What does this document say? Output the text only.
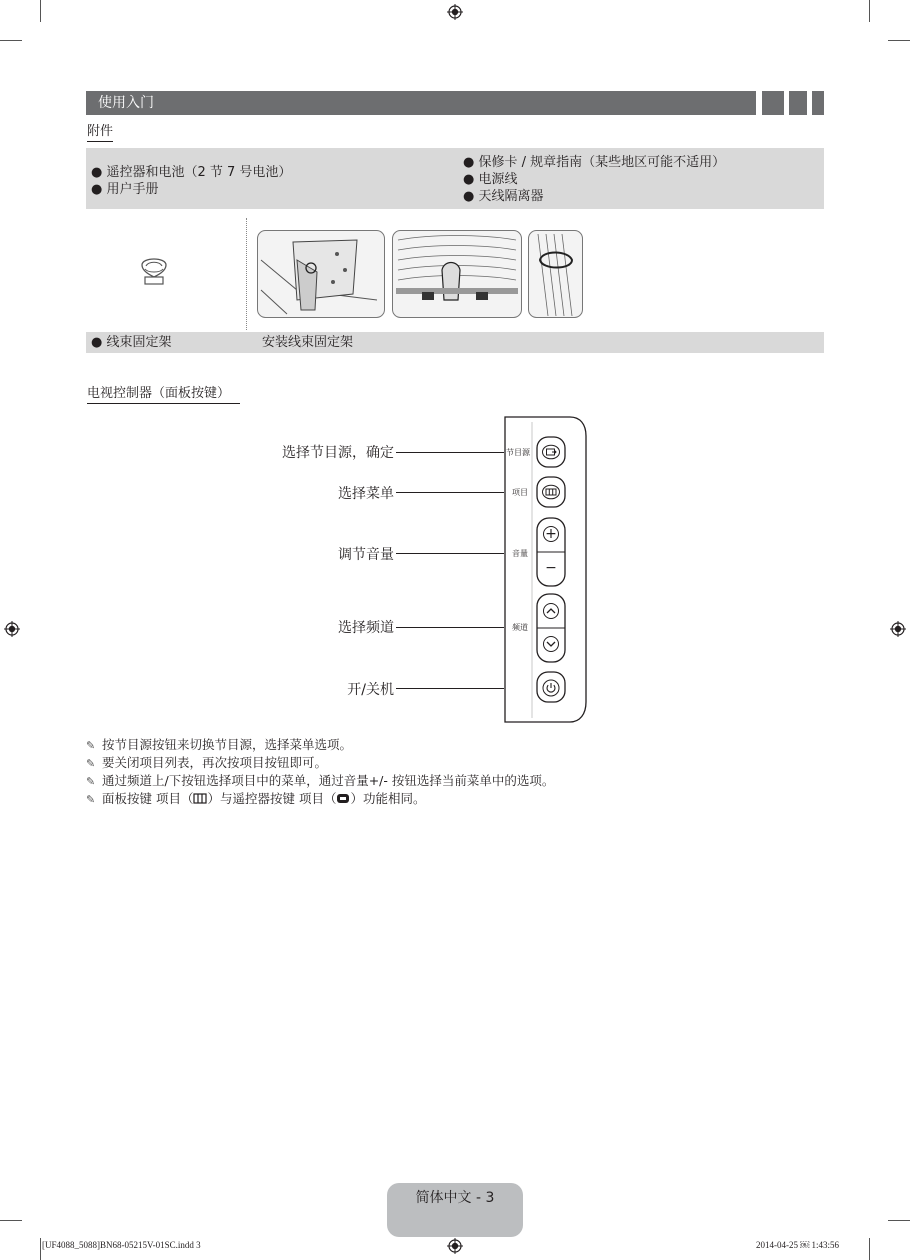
使用入门
附件
● 遥控器和电池（2 节 7 号电池）
● 用户手册
● 保修卡 / 规章指南（某些地区可能不适用）
● 电源线
● 天线隔离器
● 线束固定架	安装线束固定架
电视控制器（面板按键）
选择节目源，确定
选择菜单
调节音量
选择频道
开/关机
+
−
节目源
项目
音量
频道
✎ 按节目源按钮来切换节目源，选择菜单选项。
✎ 要关闭项目列表，再次按项目按钮即可。
✎ 通过频道上/下按钮选择项目中的菜单，通过音量+/- 按钮选择当前菜单中的选项。
✎ 面板按键 项目（ ）与遥控器按键 项目（ ）功能相同。
简体中文 - 3
[UF4088_5088]BN68-05215V-01SC.indd 3	2014-04-25 ￼ 1:43:56
